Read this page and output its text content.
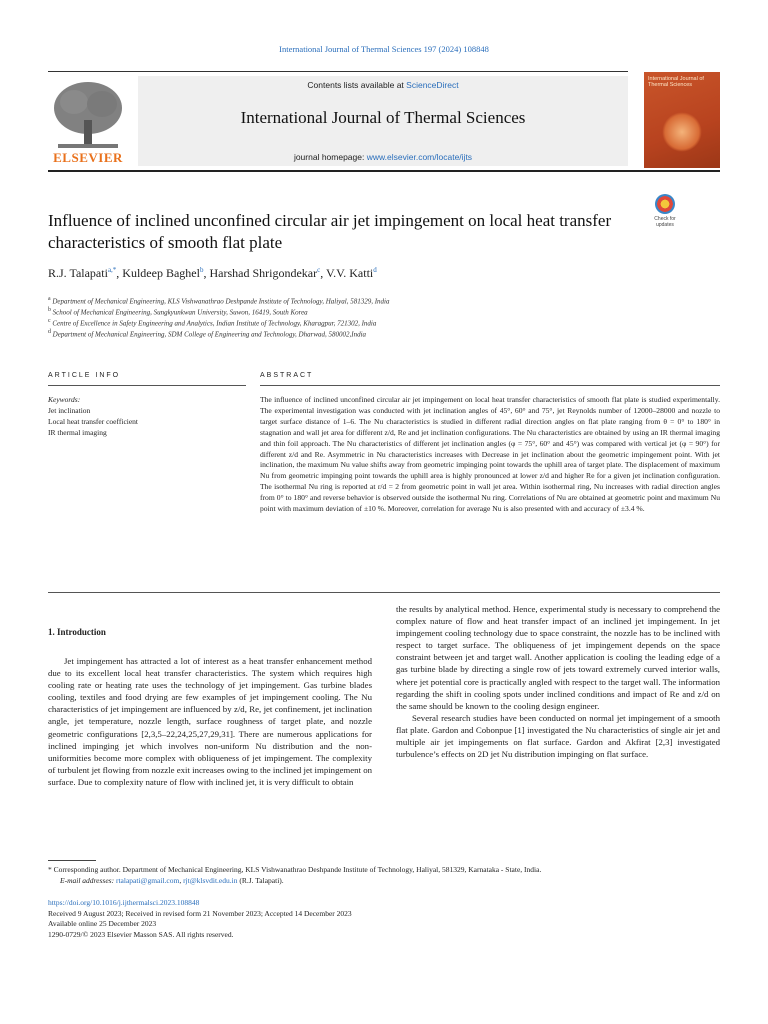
International Journal of Thermal Sciences 197 (2024) 108848
ELSEVIER
Contents lists available at ScienceDirect
International Journal of Thermal Sciences
journal homepage: www.elsevier.com/locate/ijts
International Journal of Thermal Sciences
Influence of inclined unconfined circular air jet impingement on local heat transfer characteristics of smooth flat plate
Check for updates
R.J. Talapati$^{a,*}$, Kuldeep Baghel$^b$, Harshad Shrigondekar$^c$, V.V. Katti$^d$
$^a$ Department of Mechanical Engineering, KLS Vishwanathrao Deshpande Institute of Technology, Haliyal, 581329, India
$^b$ School of Mechanical Engineering, Sungkyunkwan University, Suwon, 16419, South Korea
$^c$ Centre of Excellence in Safety Engineering and Analytics, Indian Institute of Technology, Kharagpur, 721302, India
$^d$ Department of Mechanical Engineering, SDM College of Engineering and Technology, Dharwad, 580002,India
ARTICLE INFO
Keywords:
Jet inclination
Local heat transfer coefficient
IR thermal imaging
ABSTRACT
The influence of inclined unconfined circular air jet impingement on local heat transfer characteristics of smooth flat plate is studied experimentally. The experimental investigation was conducted with jet inclination angles of 45°, 60° and 75°, jet Reynolds number of 12000–28000 and nozzle to target surface distance of 1–6. The Nu characteristics is studied in different radial direction angles on flat plate ranging from θ = 0° to 180° in stagnation and wall jet area for different z/d, Re and jet inclination configurations. The Nu characteristics are obtained by using an IR thermal imaging and thin foil approach. The Nu characteristics of different jet inclination angles (φ = 75°, 60° and 45°) was compared with vertical jet (φ = 90°) for different z/d and Re. Asymmetric in Nu characteristics increases with Decrease in jet inclination about the geometric impingement point. With jet inclination, the maximum Nu value shifts away from geometric impinging point towards the uphill area of target plate. The displacement of maximum Nu from geometric impinging point towards the uphill area is highly pronounced at lower z/d and higher Re for a given jet inclination configuration. The isothermal Nu ring is reported at r/d = 2 from geometric point in wall jet area. Within isothermal ring, Nu increases with radial direction angles from 0° to 180° and reverse behavior is observed outside the isothermal Nu ring. Correlations of Nu are obtained at geometric point and maximum Nu point with maximum deviation of ±10 %. Moreover, correlation for average Nu is also presented with and accuracy of ±3.4 %.
1. Introduction

Jet impingement has attracted a lot of interest as a heat transfer enhancement method due to its excellent local heat transfer characteristics. The system which requires high cooling rate or heating rate uses the technology of jet impingement. Gas turbine blades cooling, textiles and food drying are few examples of jet impingement cooling. The Nu characteristics of jet impingement are influenced by z/d, Re, jet confinement, jet inclination angle, jet temperature, nozzle length, surface roughness of target plate, and nozzle geometric configurations [2,3,5–22,24,25,27,29,31]. There are numerous applications for inclined impinging jet which involves non-uniform Nu distribution and the non-uniformities become more complex with obliqueness of jet impingement. The complexity of turbulent jet flowing from nozzle exit increases owing to the inclined jet impingement on surface. Due to complexity nature of flow with inclined jet, it is very difficult to obtain

the results by analytical method. Hence, experimental study is necessary to comprehend the complex nature of flow and heat transfer impact of an inclined jet impingement. In jet impingement cooling technology due to space constraint, the nozzle has to be inclined with respect to target surface. The obliqueness of jet impingement depends on the space constraint between jet and target wall. Another application is cooling the leading edge of a gas turbine blade by directing a single row of jets toward extremely curved interior walls, where jet potential core is practically angled with respect to the target wall. The information regarding the shift in cooling spots under inclined conditions and impact of Re and z/d on the same should be known to the cooling design engineer.

Several research studies have been conducted on normal jet impingement of a smooth flat plate. Gardon and Cobonpue [1] investigated the Nu characteristics of single air jet and multiple air jet impingements on flat surface. Gardon and Akfirat [2,3] investigated turbulence’s effects on 2D jet Nu distribution impinging on flat surface.

* Corresponding author. Department of Mechanical Engineering, KLS Vishwanathrao Deshpande Institute of Technology, Haliyal, 581329, Karnataka - State, India.
E-mail addresses: rtalapati@gmail.com, rjt@klsvdit.edu.in (R.J. Talapati).
https://doi.org/10.1016/j.ijthermalsci.2023.108848
Received 9 August 2023; Received in revised form 21 November 2023; Accepted 14 December 2023
Available online 25 December 2023
1290-0729/© 2023 Elsevier Masson SAS. All rights reserved.
